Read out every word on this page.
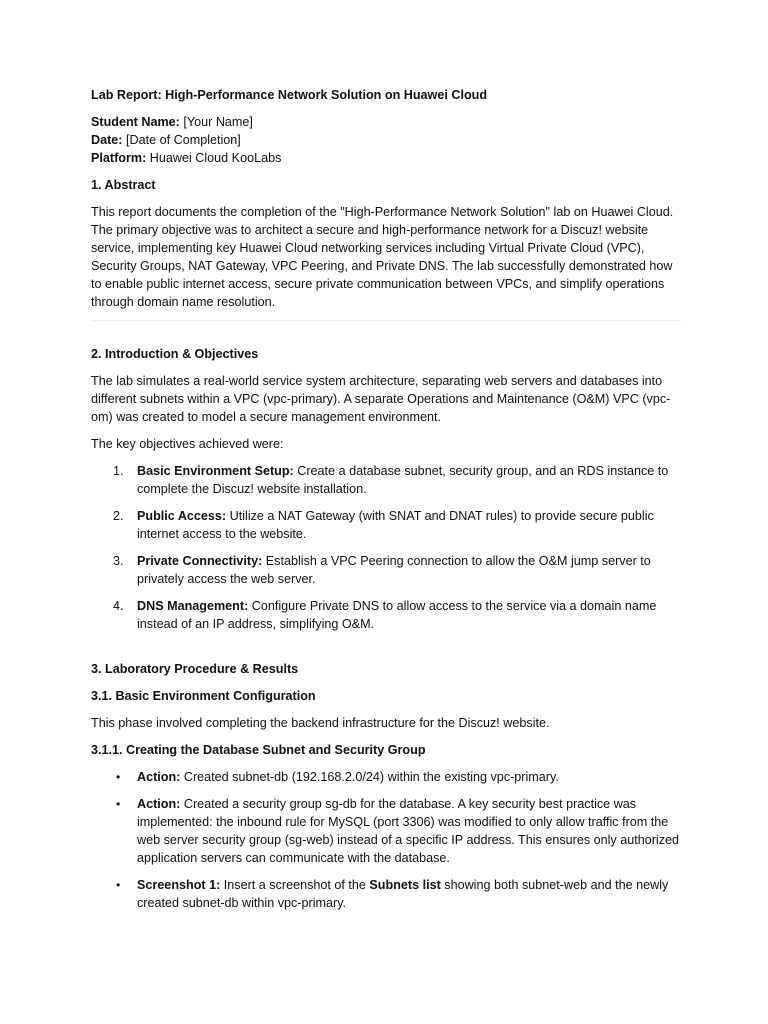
Lab Report: High-Performance Network Solution on Huawei Cloud

Student Name: [Your Name]

Date: [Date of Completion]

Platform: Huawei Cloud KooLabs

1. Abstract

This report documents the completion of the "High-Performance Network Solution" lab on Huawei Cloud. The primary objective was to architect a secure and high-performance network for a Discuz! website service, implementing key Huawei Cloud networking services including Virtual Private Cloud (VPC), Security Groups, NAT Gateway, VPC Peering, and Private DNS. The lab successfully demonstrated how to enable public internet access, secure private communication between VPCs, and simplify operations through domain name resolution.

2. Introduction & Objectives

The lab simulates a real-world service system architecture, separating web servers and databases into different subnets within a VPC (vpc-primary). A separate Operations and Maintenance (O&M) VPC (vpc-om) was created to model a secure management environment.

The key objectives achieved were:

1. Basic Environment Setup: Create a database subnet, security group, and an RDS instance to complete the Discuz! website installation.
2. Public Access: Utilize a NAT Gateway (with SNAT and DNAT rules) to provide secure public internet access to the website.
3. Private Connectivity: Establish a VPC Peering connection to allow the O&M jump server to privately access the web server.
4. DNS Management: Configure Private DNS to allow access to the service via a domain name instead of an IP address, simplifying O&M.

3. Laboratory Procedure & Results

3.1. Basic Environment Configuration

This phase involved completing the backend infrastructure for the Discuz! website.

3.1.1. Creating the Database Subnet and Security Group

• Action: Created subnet-db (192.168.2.0/24) within the existing vpc-primary.
• Action: Created a security group sg-db for the database. A key security best practice was implemented: the inbound rule for MySQL (port 3306) was modified to only allow traffic from the web server security group (sg-web) instead of a specific IP address. This ensures only authorized application servers can communicate with the database.
• Screenshot 1: Insert a screenshot of the Subnets list showing both subnet-web and the newly created subnet-db within vpc-primary.
